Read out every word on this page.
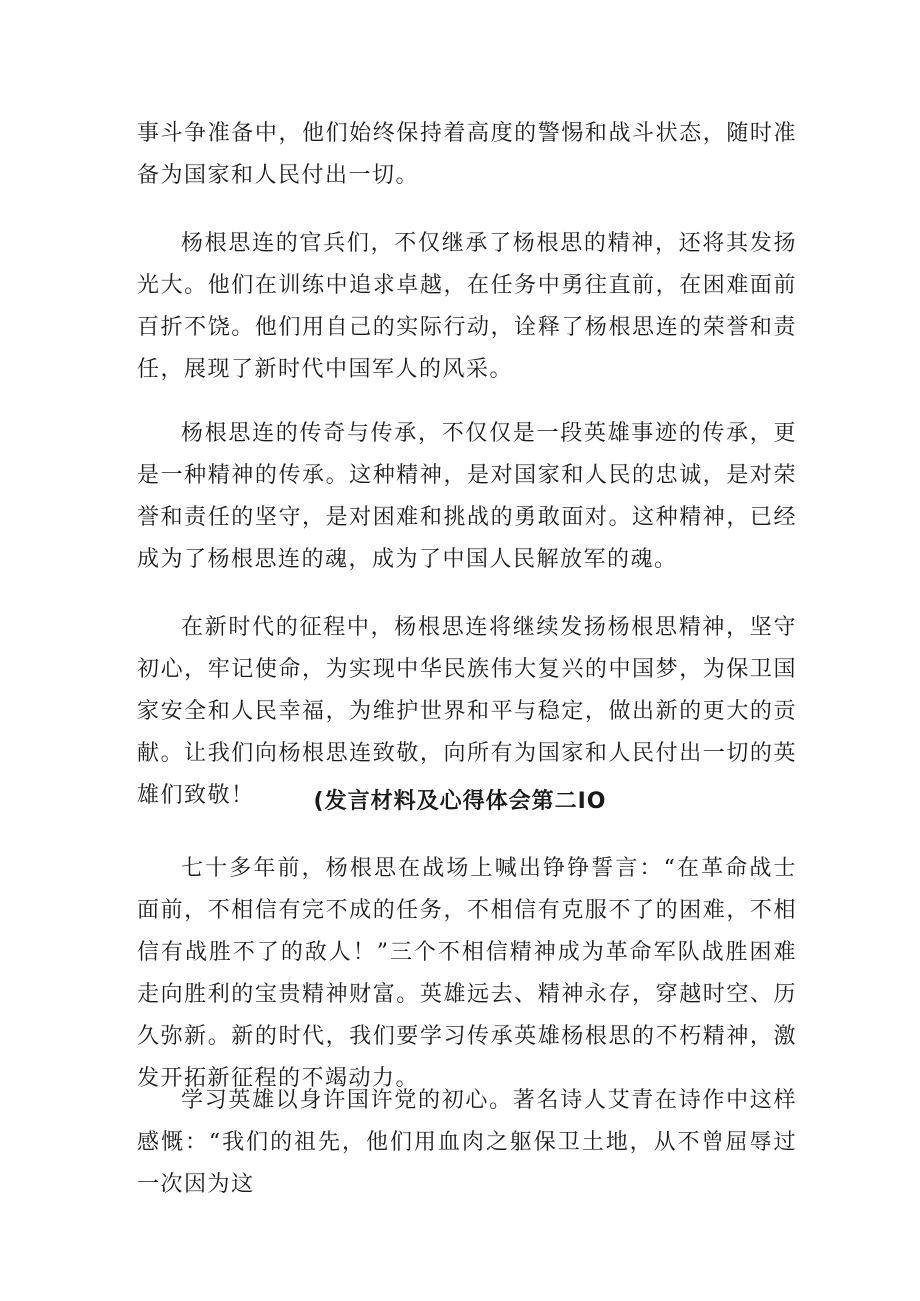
事斗争准备中，他们始终保持着高度的警惕和战斗状态，随时准备为国家和人民付出一切。

杨根思连的官兵们，不仅继承了杨根思的精神，还将其发扬光大。他们在训练中追求卓越，在任务中勇往直前，在困难面前百折不饶。他们用自己的实际行动，诠释了杨根思连的荣誉和责任，展现了新时代中国军人的风采。

杨根思连的传奇与传承，不仅仅是一段英雄事迹的传承，更是一种精神的传承。这种精神，是对国家和人民的忠诚，是对荣誉和责任的坚守，是对困难和挑战的勇敢面对。这种精神，已经成为了杨根思连的魂，成为了中国人民解放军的魂。

在新时代的征程中，杨根思连将继续发扬杨根思精神，坚守初心，牢记使命，为实现中华民族伟大复兴的中国梦，为保卫国家安全和人民幸福，为维护世界和平与稳定，做出新的更大的贡献。让我们向杨根思连致敬，向所有为国家和人民付出一切的英雄们致敬！	(发言材料及心得体会第二IO

七十多年前，杨根思在战场上喊出铮铮誓言：“在革命战士面前，不相信有完不成的任务，不相信有克服不了的困难，不相信有战胜不了的敌人！”三个不相信精神成为革命军队战胜困难走向胜利的宝贵精神财富。英雄远去、精神永存，穿越时空、历久弥新。新的时代，我们要学习传承英雄杨根思的不朽精神，激发开拓新征程的不竭动力。

学习英雄以身许国许党的初心。著名诗人艾青在诗作中这样感慨：“我们的祖先，他们用血肉之躯保卫土地，从不曾屈辱过一次因为这
